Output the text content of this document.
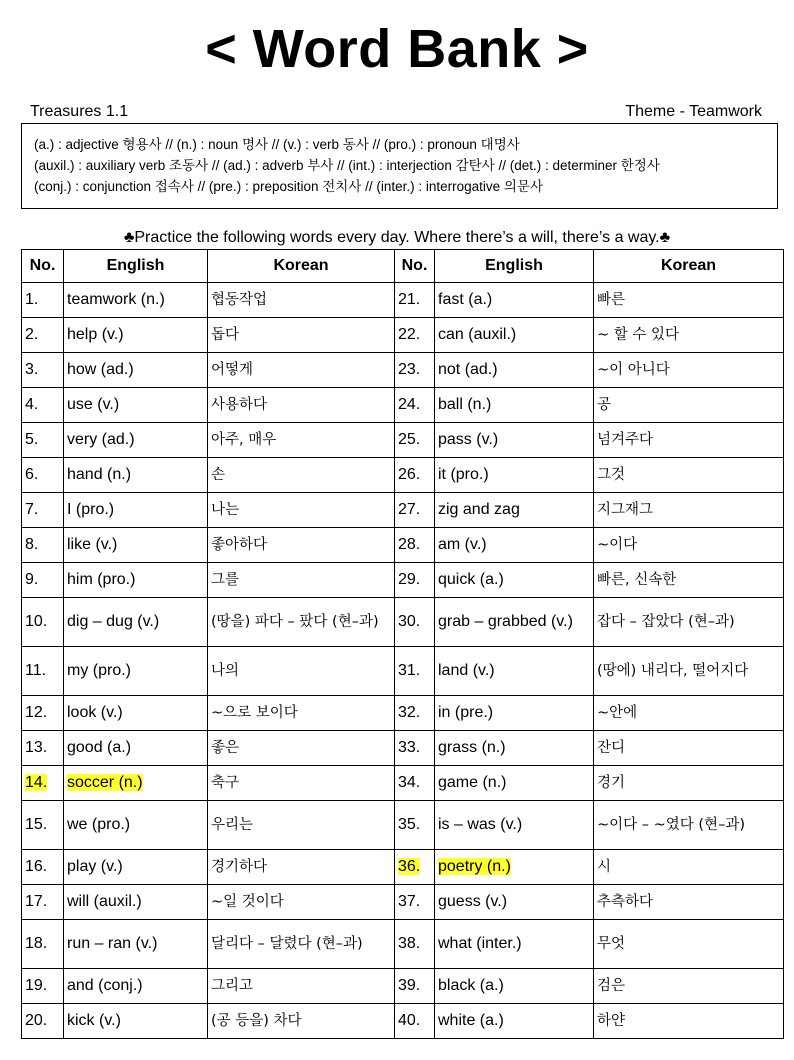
< Word Bank >
Treasures 1.1	Theme - Teamwork
(a.) : adjective 형용사 // (n.) : noun 명사 // (v.) : verb 동사 // (pro.) : pronoun 대명사
(auxil.) : auxiliary verb 조동사 // (ad.) : adverb 부사 // (int.) : interjection 감탄사 // (det.) : determiner 한정사
(conj.) : conjunction 접속사 // (pre.) : preposition 전치사 // (inter.) : interrogative 의문사
♣Practice the following words every day. Where there’s a will, there’s a way.♣
No.	English	Korean	No.	English	Korean
1.	teamwork (n.)	협동작업	21.	fast (a.)	빠른
2.	help (v.)	돕다	22.	can (auxil.)	~ 할 수 있다
3.	how (ad.)	어떻게	23.	not (ad.)	~이 아니다
4.	use (v.)	사용하다	24.	ball (n.)	공
5.	very (ad.)	아주, 매우	25.	pass (v.)	넘겨주다
6.	hand (n.)	손	26.	it (pro.)	그것
7.	I (pro.)	나는	27.	zig and zag	지그재그
8.	like (v.)	좋아하다	28.	am (v.)	~이다
9.	him (pro.)	그를	29.	quick (a.)	빠른, 신속한
10.	dig – dug (v.)	(땅을) 파다 – 팠다 (현–과)	30.	grab – grabbed (v.)	잡다 – 잡았다 (현–과)
11.	my (pro.)	나의	31.	land (v.)	(땅에) 내리다, 떨어지다
12.	look (v.)	~으로 보이다	32.	in (pre.)	~안에
13.	good (a.)	좋은	33.	grass (n.)	잔디
14.	soccer (n.)	축구	34.	game (n.)	경기
15.	we (pro.)	우리는	35.	is – was (v.)	~이다 – ~였다 (현–과)
16.	play (v.)	경기하다	36.	poetry (n.)	시
17.	will (auxil.)	~일 것이다	37.	guess (v.)	추측하다
18.	run – ran (v.)	달리다 – 달렸다 (현–과)	38.	what (inter.)	무엇
19.	and (conj.)	그리고	39.	black (a.)	검은
20.	kick (v.)	(공 등을) 차다	40.	white (a.)	하얀
